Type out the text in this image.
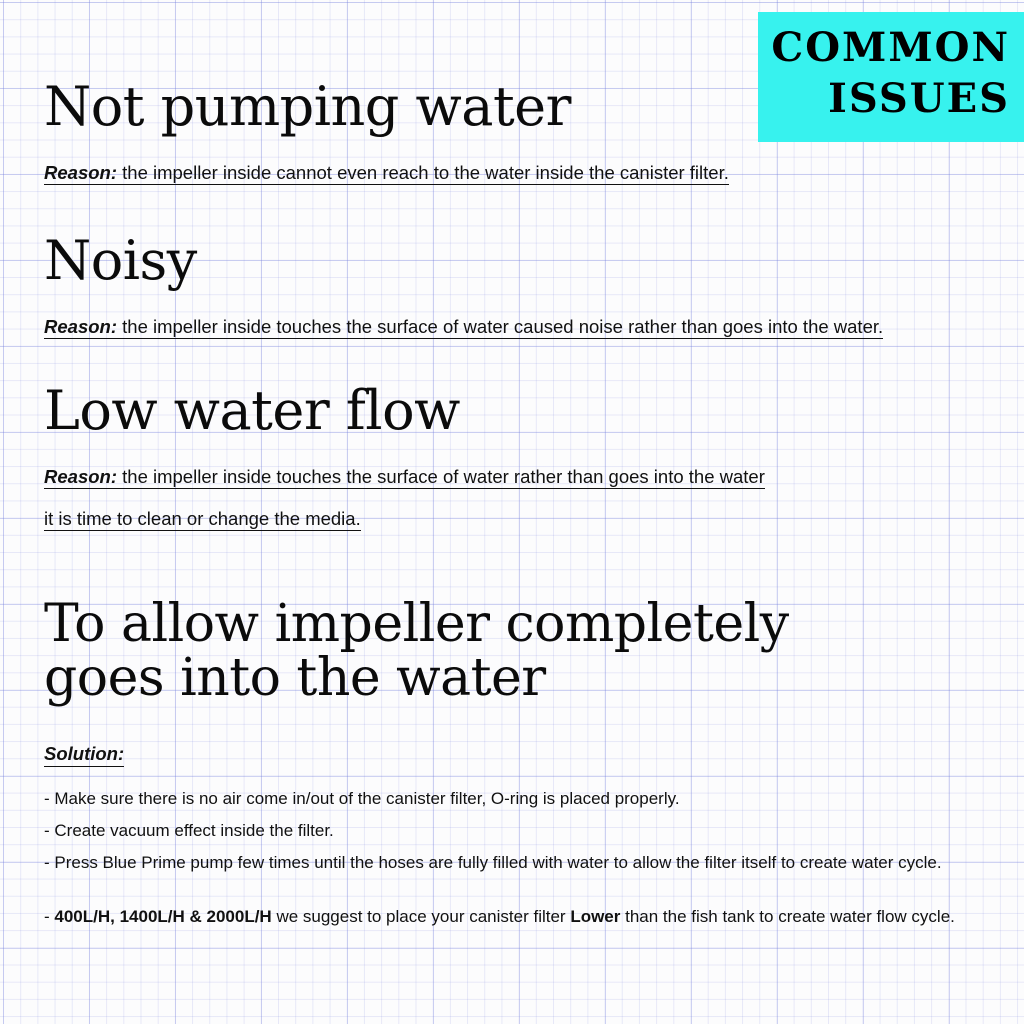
COMMON
ISSUES
Not pumping water
Reason: the impeller inside cannot even reach to the water inside the canister filter.
Noisy
Reason: the impeller inside touches the surface of water caused noise rather than goes into the water.
Low water flow
Reason: the impeller inside touches the surface of water rather than goes into the water
it is time to clean or change the media.
To allow impeller completely
goes into the water
Solution:
- Make sure there is no air come in/out of the canister filter, O-ring is placed properly.
- Create vacuum effect inside the filter.
- Press Blue Prime pump few times until the hoses are fully filled with water to allow the filter itself to create water cycle.
- 400L/H, 1400L/H & 2000L/H we suggest to place your canister filter Lower than the fish tank to create water flow cycle.
